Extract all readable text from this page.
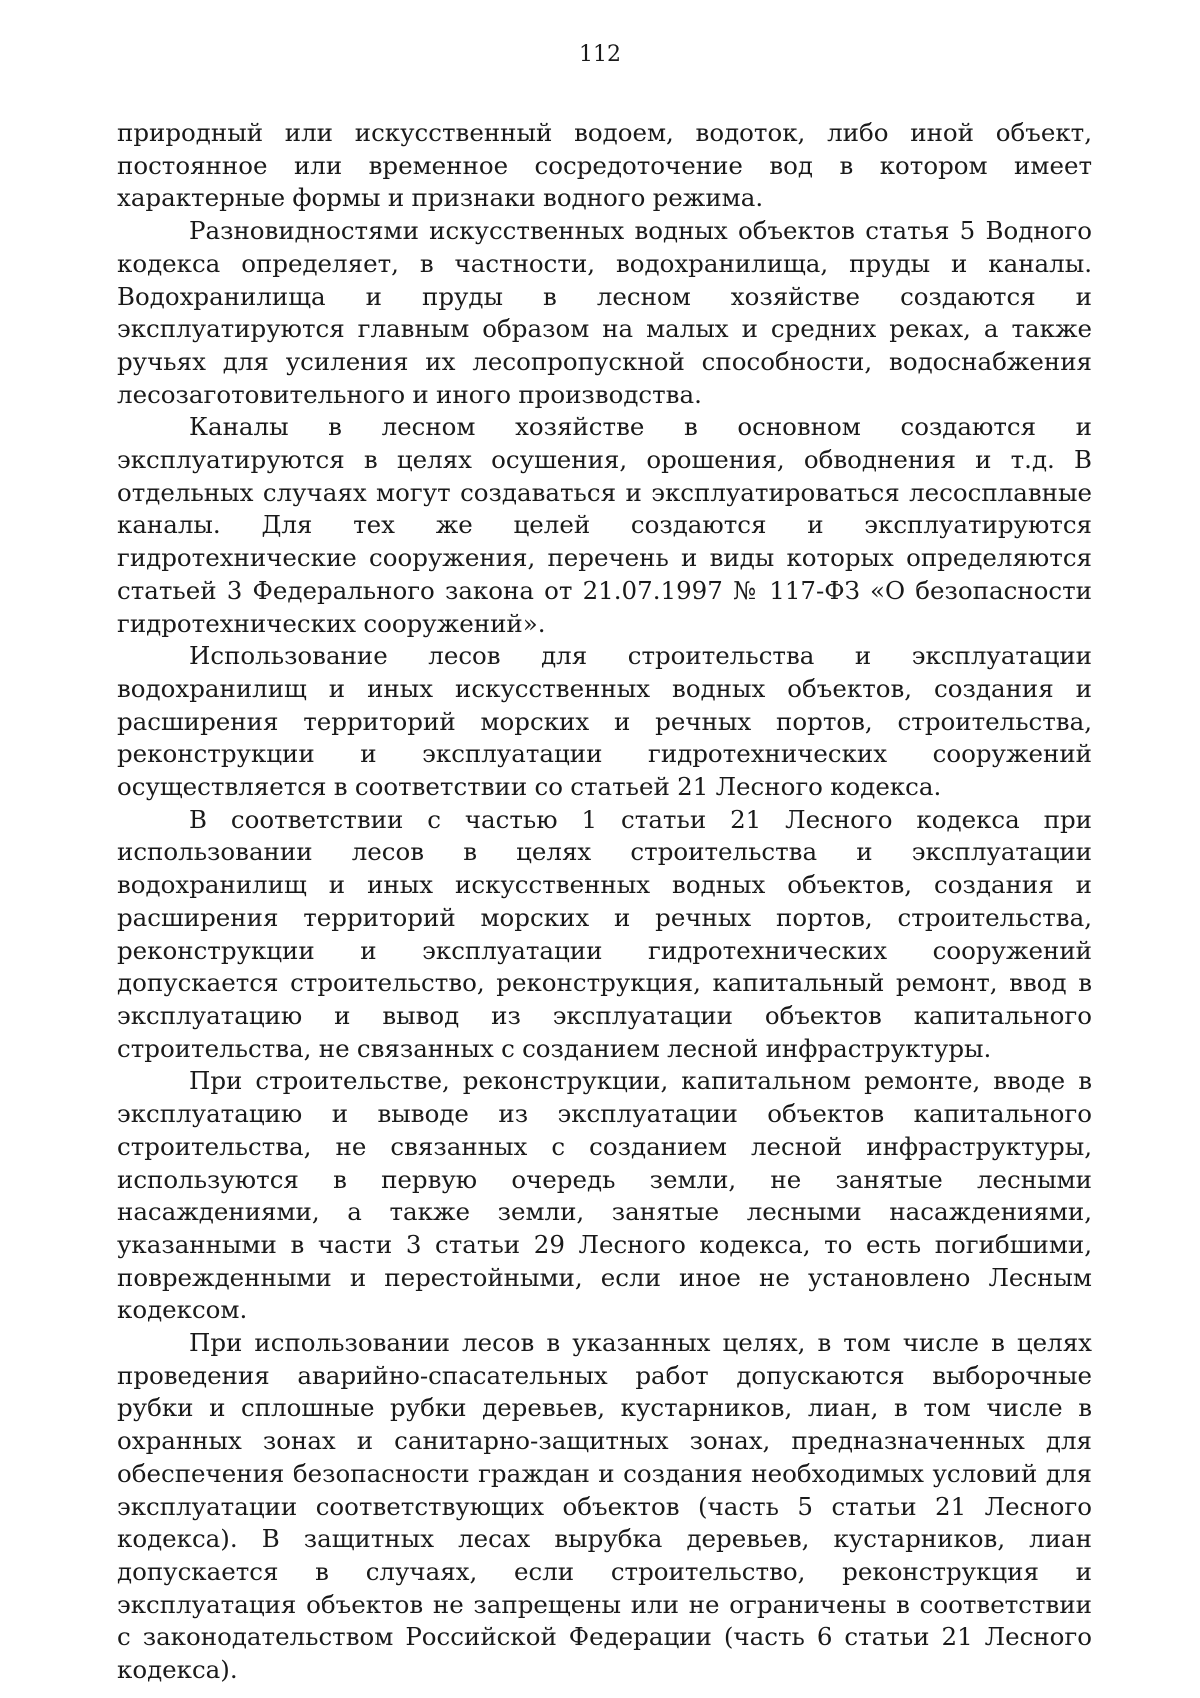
112

природный или искусственный водоем, водоток, либо иной объект, постоянное или временное сосредоточение вод в котором имеет характерные формы и признаки водного режима.

Разновидностями искусственных водных объектов статья 5 Водного кодекса определяет, в частности, водохранилища, пруды и каналы. Водохранилища и пруды в лесном хозяйстве создаются и эксплуатируются главным образом на малых и средних реках, а также ручьях для усиления их лесопропускной способности, водоснабжения лесозаготовительного и иного производства.

Каналы в лесном хозяйстве в основном создаются и эксплуатируются в целях осушения, орошения, обводнения и т.д. В отдельных случаях могут создаваться и эксплуатироваться лесосплавные каналы. Для тех же целей создаются и эксплуатируются гидротехнические сооружения, перечень и виды которых определяются статьей 3 Федерального закона от 21.07.1997 № 117-ФЗ «О безопасности гидротехнических сооружений».

Использование лесов для строительства и эксплуатации водохранилищ и иных искусственных водных объектов, создания и расширения территорий морских и речных портов, строительства, реконструкции и эксплуатации гидротехнических сооружений осуществляется в соответствии со статьей 21 Лесного кодекса.

В соответствии с частью 1 статьи 21 Лесного кодекса при использовании лесов в целях строительства и эксплуатации водохранилищ и иных искусственных водных объектов, создания и расширения территорий морских и речных портов, строительства, реконструкции и эксплуатации гидротехнических сооружений допускается строительство, реконструкция, капитальный ремонт, ввод в эксплуатацию и вывод из эксплуатации объектов капитального строительства, не связанных с созданием лесной инфраструктуры.

При строительстве, реконструкции, капитальном ремонте, вводе в эксплуатацию и выводе из эксплуатации объектов капитального строительства, не связанных с созданием лесной инфраструктуры, используются в первую очередь земли, не занятые лесными насаждениями, а также земли, занятые лесными насаждениями, указанными в части 3 статьи 29 Лесного кодекса, то есть погибшими, поврежденными и перестойными, если иное не установлено Лесным кодексом.

При использовании лесов в указанных целях, в том числе в целях проведения аварийно-спасательных работ допускаются выборочные рубки и сплошные рубки деревьев, кустарников, лиан, в том числе в охранных зонах и санитарно-защитных зонах, предназначенных для обеспечения безопасности граждан и создания необходимых условий для эксплуатации соответствующих объектов (часть 5 статьи 21 Лесного кодекса). В защитных лесах вырубка деревьев, кустарников, лиан допускается в случаях, если строительство, реконструкция и эксплуатация объектов не запрещены или не ограничены в соответствии с законодательством Российской Федерации (часть 6 статьи 21 Лесного кодекса).
